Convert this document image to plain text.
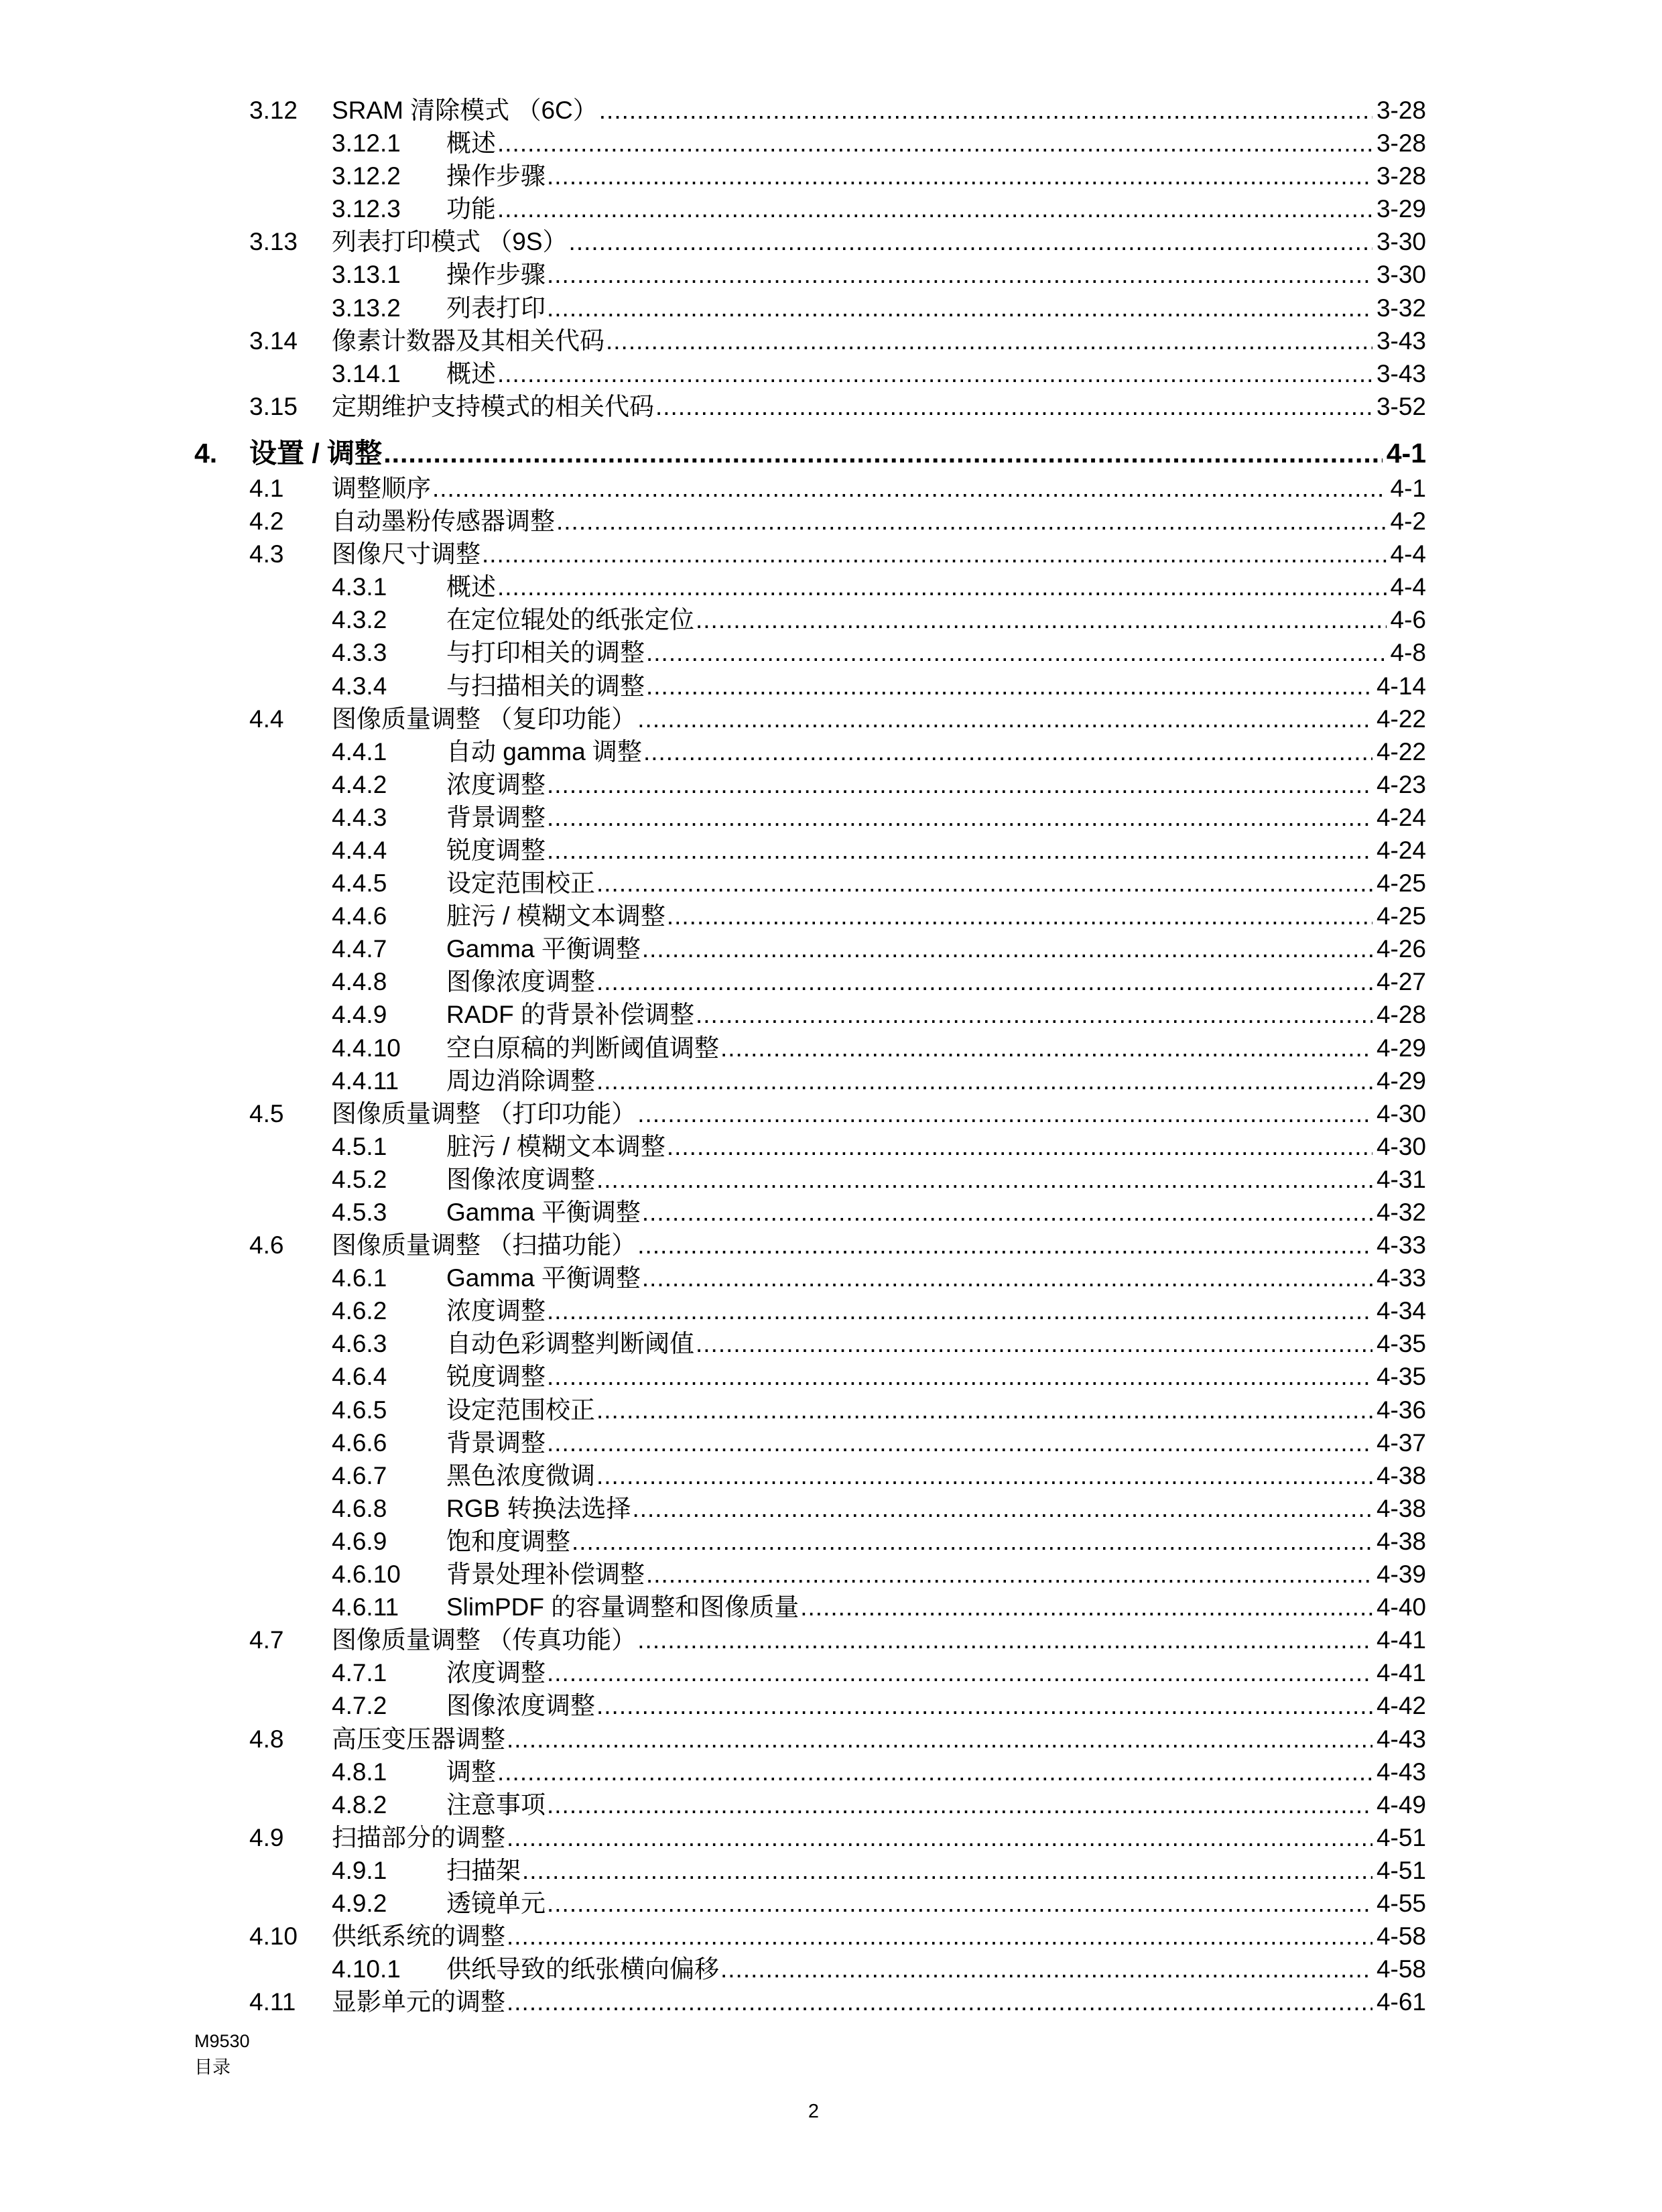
3.12 SRAM 清除模式 （6C） .....	3-28
3.12.1 概述 .....	3-28
3.12.2 操作步骤 .....	3-28
3.12.3 功能 .....	3-29
3.13 列表打印模式 （9S） .....	3-30
3.13.1 操作步骤 .....	3-30
3.13.2 列表打印 .....	3-32
3.14 像素计数器及其相关代码 .....	3-43
3.14.1 概述 .....	3-43
3.15 定期维护支持模式的相关代码 .....	3-52
4. 设置 / 调整 .....	4-1
4.1 调整顺序 .....	4-1
4.2 自动墨粉传感器调整 .....	4-2
4.3 图像尺寸调整 .....	4-4
4.3.1 概述 .....	4-4
4.3.2 在定位辊处的纸张定位 .....	4-6
4.3.3 与打印相关的调整 .....	4-8
4.3.4 与扫描相关的调整 .....	4-14
4.4 图像质量调整 （复印功能） .....	4-22
4.4.1 自动 gamma 调整 .....	4-22
4.4.2 浓度调整 .....	4-23
4.4.3 背景调整 .....	4-24
4.4.4 锐度调整 .....	4-24
4.4.5 设定范围校正 .....	4-25
4.4.6 脏污 / 模糊文本调整 .....	4-25
4.4.7 Gamma 平衡调整 .....	4-26
4.4.8 图像浓度调整 .....	4-27
4.4.9 RADF 的背景补偿调整 .....	4-28
4.4.10 空白原稿的判断阈值调整 .....	4-29
4.4.11 周边消除调整 .....	4-29
4.5 图像质量调整 （打印功能） .....	4-30
4.5.1 脏污 / 模糊文本调整 .....	4-30
4.5.2 图像浓度调整 .....	4-31
4.5.3 Gamma 平衡调整 .....	4-32
4.6 图像质量调整 （扫描功能） .....	4-33
4.6.1 Gamma 平衡调整 .....	4-33
4.6.2 浓度调整 .....	4-34
4.6.3 自动色彩调整判断阈值 .....	4-35
4.6.4 锐度调整 .....	4-35
4.6.5 设定范围校正 .....	4-36
4.6.6 背景调整 .....	4-37
4.6.7 黑色浓度微调 .....	4-38
4.6.8 RGB 转换法选择 .....	4-38
4.6.9 饱和度调整 .....	4-38
4.6.10 背景处理补偿调整 .....	4-39
4.6.11 SlimPDF 的容量调整和图像质量 .....	4-40
4.7 图像质量调整 （传真功能） .....	4-41
4.7.1 浓度调整 .....	4-41
4.7.2 图像浓度调整 .....	4-42
4.8 高压变压器调整 .....	4-43
4.8.1 调整 .....	4-43
4.8.2 注意事项 .....	4-49
4.9 扫描部分的调整 .....	4-51
4.9.1 扫描架 .....	4-51
4.9.2 透镜单元 .....	4-55
4.10 供纸系统的调整 .....	4-58
4.10.1 供纸导致的纸张横向偏移 .....	4-58
4.11 显影单元的调整 .....	4-61
M9530
目录
2
